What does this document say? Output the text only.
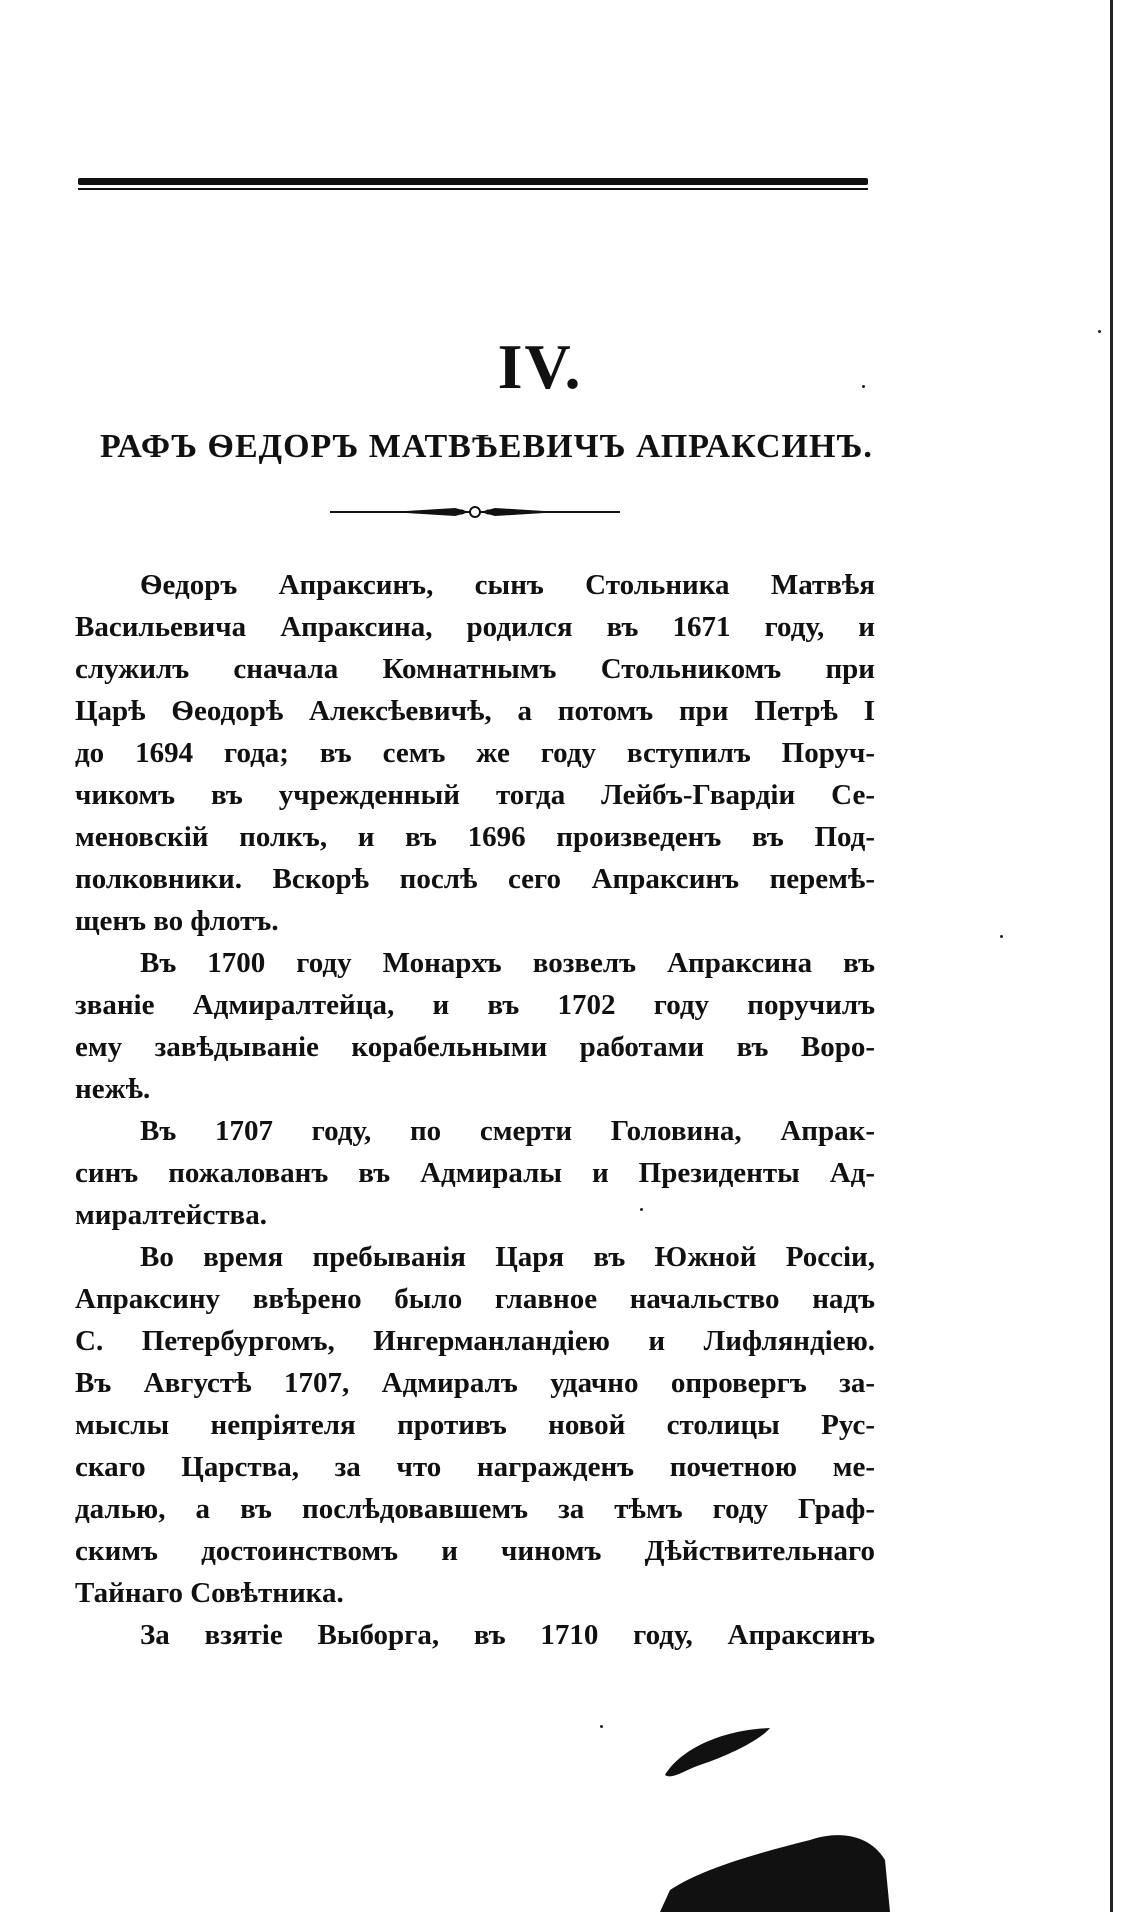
IV.
РАФЪ ѲЕДОРЪ МАТВѢЕВИЧЪ АПРАКСИНЪ.
Ѳедоръ Апраксинъ, сынъ Стольника Матвѣя
Васильевича Апраксина, родился въ 1671 году, и
служилъ сначала Комнатнымъ Стольникомъ при
Царѣ Ѳеодорѣ Алексѣевичѣ, а потомъ при Петрѣ I
до 1694 года; въ семъ же году вступилъ Поруч-
чикомъ въ учрежденный тогда Лейбъ-Гвардіи Се-
меновскій полкъ, и въ 1696 произведенъ въ Под-
полковники. Вскорѣ послѣ сего Апраксинъ перемѣ-
щенъ во флотъ.
Въ 1700 году Монархъ возвелъ Апраксина въ
званіе Адмиралтейца, и въ 1702 году поручилъ
ему завѣдываніе корабельными работами въ Воро-
нежѣ.
Въ 1707 году, по смерти Головина, Апрак-
синъ пожалованъ въ Адмиралы и Президенты Ад-
миралтейства.
Во время пребыванія Царя въ Южной Россіи,
Апраксину ввѣрено было главное начальство надъ
С. Петербургомъ, Ингерманландіею и Лифляндіею.
Въ Августѣ 1707, Адмиралъ удачно опровергъ за-
мыслы непріятеля противъ новой столицы Рус-
скаго Царства, за что награжденъ почетною ме-
далью, а въ послѣдовавшемъ за тѣмъ году Граф-
скимъ достоинствомъ и чиномъ Дѣйствительнаго
Тайнаго Совѣтника.
За взятіе Выборга, въ 1710 году, Апраксинъ
